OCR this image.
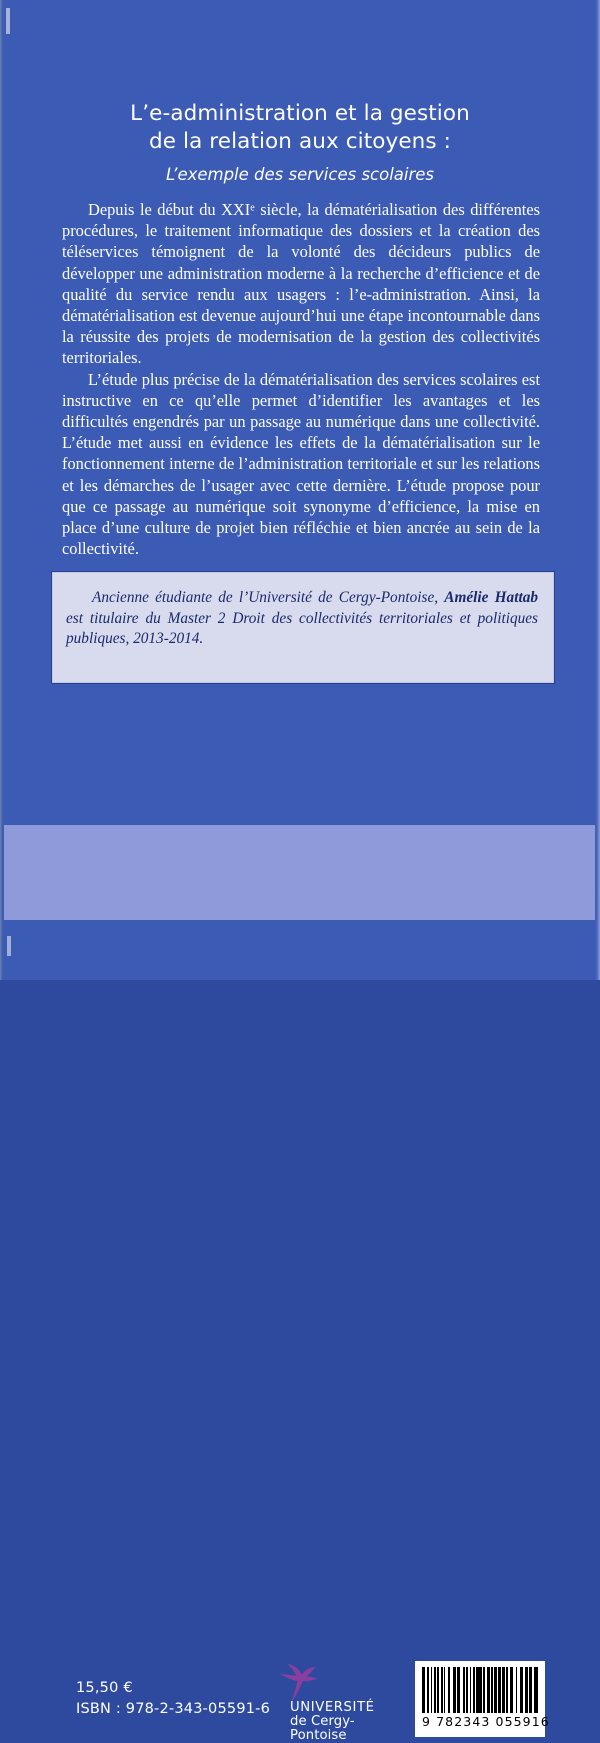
L’e-administration et la gestion
de la relation aux citoyens :
L’exemple des services scolaires

Depuis le début du XXIe siècle, la dématérialisation des différentes procédures, le traitement informatique des dossiers et la création des téléservices témoignent de la volonté des décideurs publics de développer une administration moderne à la recherche d’efficience et de qualité du service rendu aux usagers : l’e-administration. Ainsi, la dématérialisation est devenue aujourd’hui une étape incontournable dans la réussite des projets de modernisation de la gestion des collectivités territoriales.

L’étude plus précise de la dématérialisation des services scolaires est instructive en ce qu’elle permet d’identifier les avantages et les difficultés engendrés par un passage au numérique dans une collectivité. L’étude met aussi en évidence les effets de la dématérialisation sur le fonctionnement interne de l’administration territoriale et sur les relations et les démarches de l’usager avec cette dernière. L’étude propose pour que ce passage au numérique soit synonyme d’efficience, la mise en place d’une culture de projet bien réfléchie et bien ancrée au sein de la collectivité.

Ancienne étudiante de l’Université de Cergy-Pontoise, Amélie Hattab est titulaire du Master 2 Droit des collectivités territoriales et politiques publiques, 2013-2014.

15,50 €
ISBN : 978-2-343-05591-6 UNIVERSITÉ
de Cergy-Pontoise
9 782343 055916
